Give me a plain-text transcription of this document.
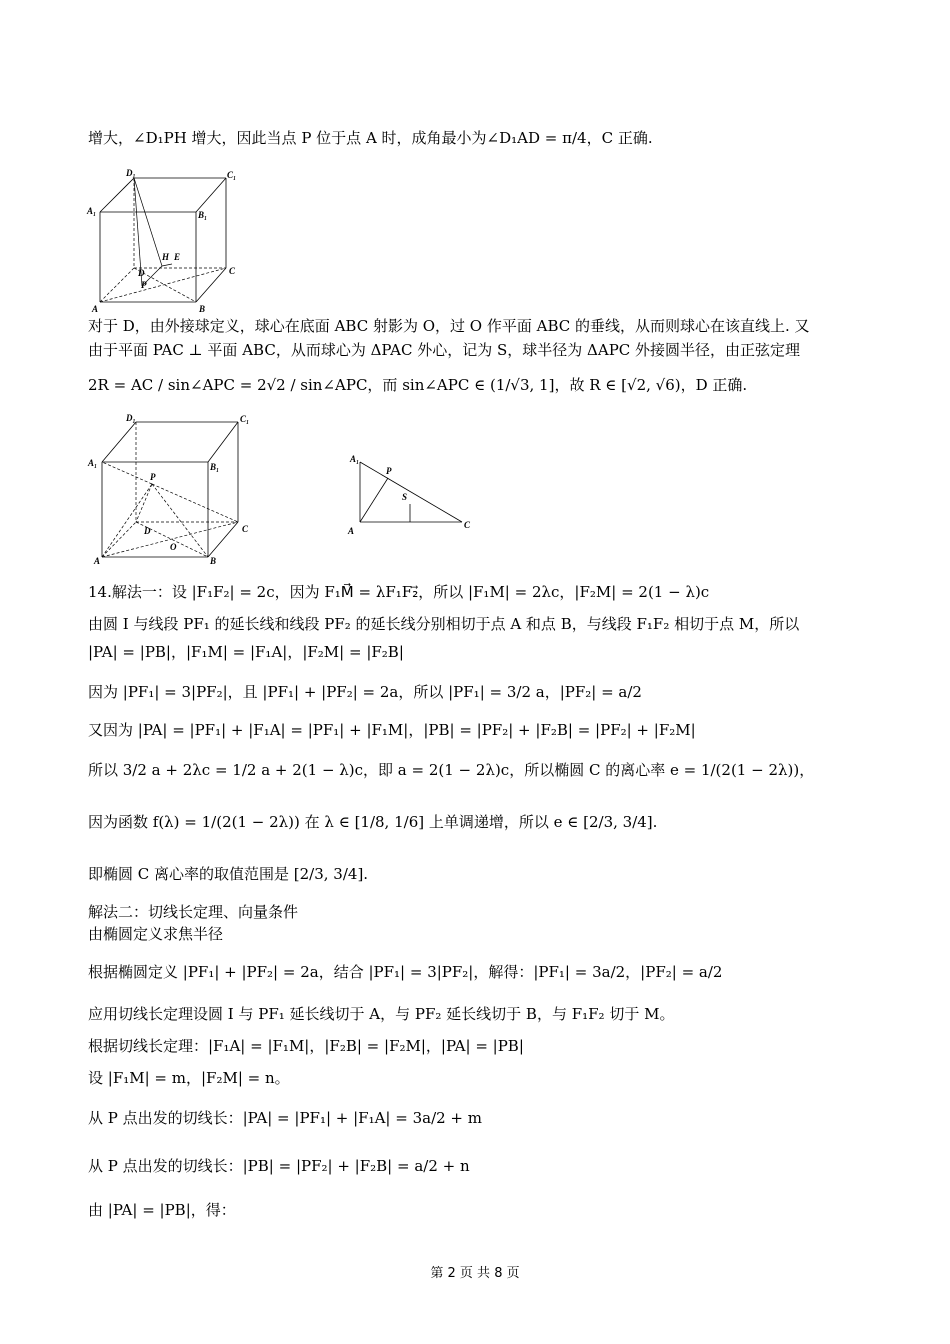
增大，∠D₁PH 增大，因此当点 P 位于点 A 时，成角最小为∠D₁AD = π/4，C 正确.
D₁	C₁
A₁	B₁
H E
D
P
C
A	B
对于 D，由外接球定义，球心在底面 ABC 射影为 O，过 O 作平面 ABC 的垂线，从而则球心在该直线上. 又
由于平面 PAC ⊥ 平面 ABC，从而球心为 ΔPAC 外心，记为 S，球半径为 ΔAPC 外接圆半径，由正弦定理
2R = AC / sin∠APC = 2√2 / sin∠APC，而 sin∠APC ∈ (1/√3, 1]，故 R ∈ [√2, √6)，D 正确.
D₁	C₁
A₁	B₁
P
D
O
C
A	B
A₁
P
S
A
C
14.解法一：设 |F₁F₂| = 2c，因为 F₁M⃗ = λF₁F₂⃗，所以 |F₁M| = 2λc，|F₂M| = 2(1 − λ)c
由圆 I 与线段 PF₁ 的延长线和线段 PF₂ 的延长线分别相切于点 A 和点 B，与线段 F₁F₂ 相切于点 M，所以
|PA| = |PB|，|F₁M| = |F₁A|，|F₂M| = |F₂B|
因为 |PF₁| = 3|PF₂|，且 |PF₁| + |PF₂| = 2a，所以 |PF₁| = 3/2 a，|PF₂| = a/2
又因为 |PA| = |PF₁| + |F₁A| = |PF₁| + |F₁M|，|PB| = |PF₂| + |F₂B| = |PF₂| + |F₂M|
所以 3/2 a + 2λc = 1/2 a + 2(1 − λ)c，即 a = 2(1 − 2λ)c，所以椭圆 C 的离心率 e = 1/(2(1 − 2λ))，
因为函数 f(λ) = 1/(2(1 − 2λ)) 在 λ ∈ [1/8, 1/6] 上单调递增，所以 e ∈ [2/3, 3/4].
即椭圆 C 离心率的取值范围是 [2/3, 3/4].
解法二：切线长定理、向量条件
由椭圆定义求焦半径
根据椭圆定义 |PF₁| + |PF₂| = 2a，结合 |PF₁| = 3|PF₂|，解得：|PF₁| = 3a/2，|PF₂| = a/2
应用切线长定理设圆 I 与 PF₁ 延长线切于 A，与 PF₂ 延长线切于 B，与 F₁F₂ 切于 M。
根据切线长定理：|F₁A| = |F₁M|，|F₂B| = |F₂M|，|PA| = |PB|
设 |F₁M| = m，|F₂M| = n。
从 P 点出发的切线长：|PA| = |PF₁| + |F₁A| = 3a/2 + m
从 P 点出发的切线长：|PB| = |PF₂| + |F₂B| = a/2 + n
由 |PA| = |PB|，得：
第 2 页 共 8 页
